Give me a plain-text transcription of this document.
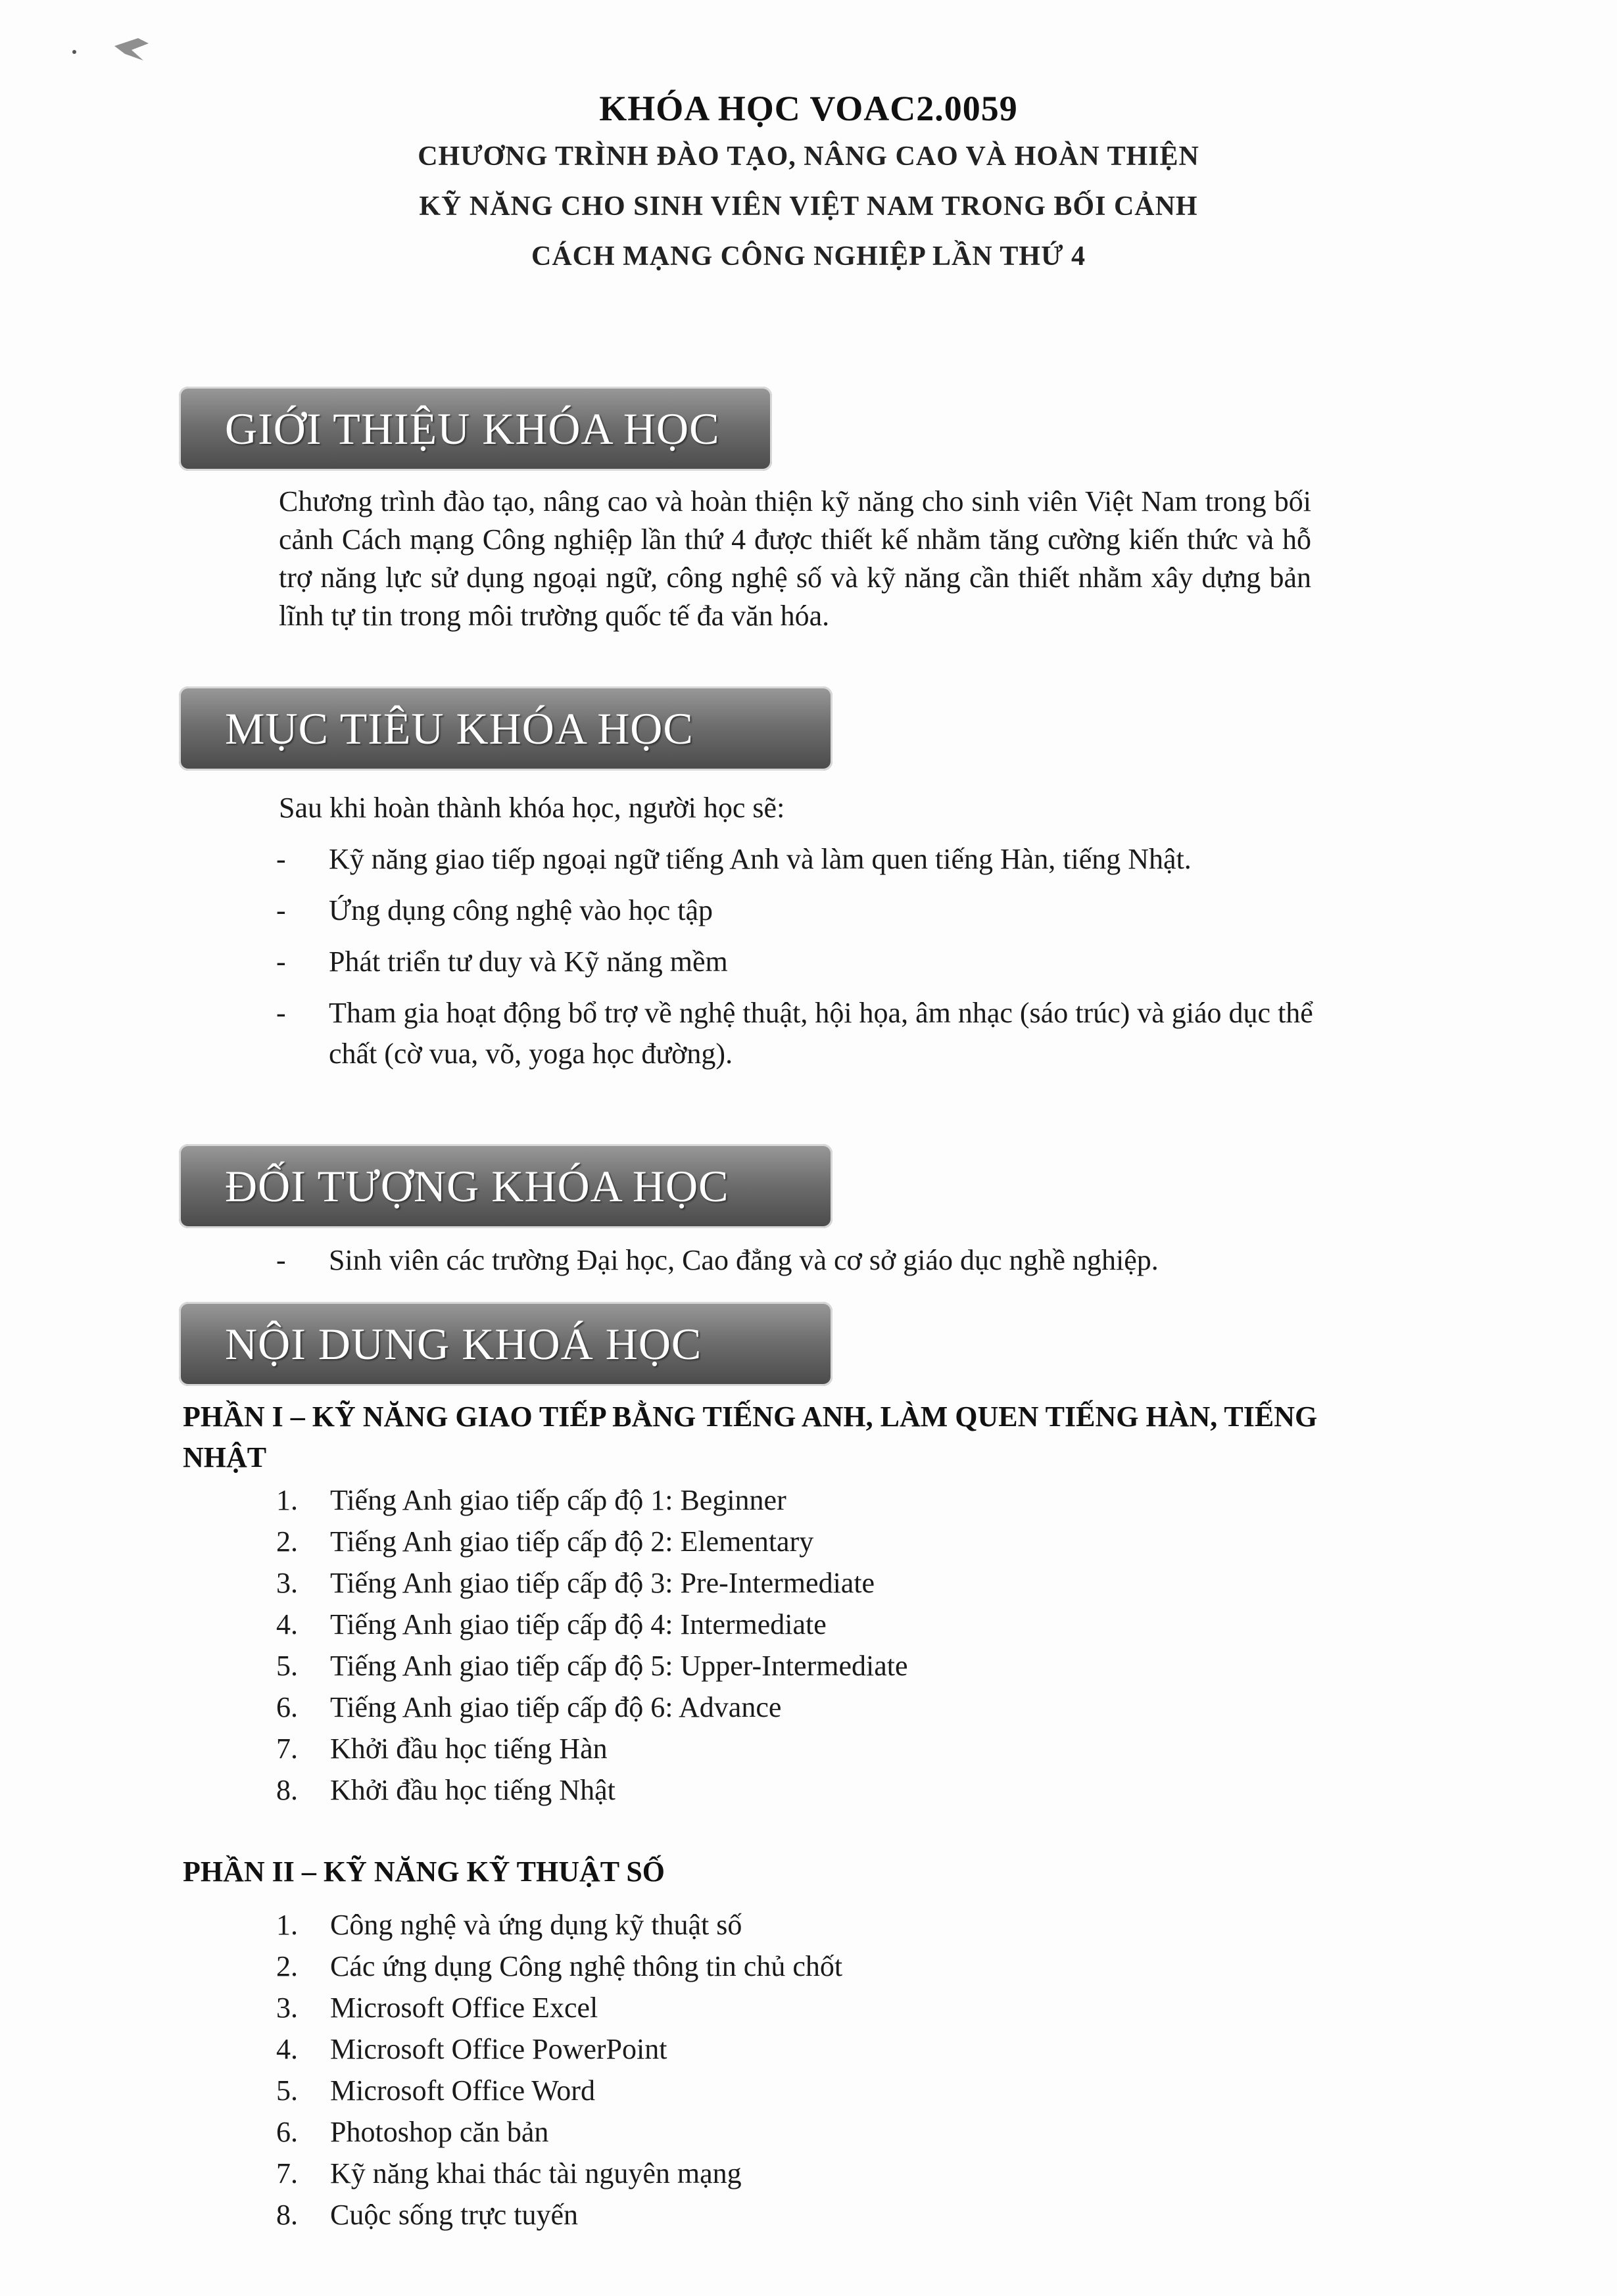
KHÓA HỌC VOAC2.0059
CHƯƠNG TRÌNH ĐÀO TẠO, NÂNG CAO VÀ HOÀN THIỆN
KỸ NĂNG CHO SINH VIÊN VIỆT NAM TRONG BỐI CẢNH
CÁCH MẠNG CÔNG NGHIỆP LẦN THỨ 4
GIỚI THIỆU KHÓA HỌC
Chương trình đào tạo, nâng cao và hoàn thiện kỹ năng cho sinh viên Việt Nam trong bối cảnh Cách mạng Công nghiệp lần thứ 4 được thiết kế nhằm tăng cường kiến thức và hỗ trợ năng lực sử dụng ngoại ngữ, công nghệ số và kỹ năng cần thiết nhằm xây dựng bản lĩnh tự tin trong môi trường quốc tế đa văn hóa.
MỤC TIÊU KHÓA HỌC
Sau khi hoàn thành khóa học, người học sẽ:
-	Kỹ năng giao tiếp ngoại ngữ tiếng Anh và làm quen tiếng Hàn, tiếng Nhật.
-	Ứng dụng công nghệ vào học tập
-	Phát triển tư duy và Kỹ năng mềm
-	Tham gia hoạt động bổ trợ về nghệ thuật, hội họa, âm nhạc (sáo trúc) và giáo dục thể chất (cờ vua, võ, yoga học đường).
ĐỐI TƯỢNG KHÓA HỌC
-	Sinh viên các trường Đại học, Cao đẳng và cơ sở giáo dục nghề nghiệp.
NỘI DUNG KHOÁ HỌC
PHẦN I – KỸ NĂNG GIAO TIẾP BẰNG TIẾNG ANH, LÀM QUEN TIẾNG HÀN, TIẾNG NHẬT
1.	Tiếng Anh giao tiếp cấp độ 1: Beginner
2.	Tiếng Anh giao tiếp cấp độ 2: Elementary
3.	Tiếng Anh giao tiếp cấp độ 3: Pre-Intermediate
4.	Tiếng Anh giao tiếp cấp độ 4: Intermediate
5.	Tiếng Anh giao tiếp cấp độ 5: Upper-Intermediate
6.	Tiếng Anh giao tiếp cấp độ 6: Advance
7.	Khởi đầu học tiếng Hàn
8.	Khởi đầu học tiếng Nhật
PHẦN II – KỸ NĂNG KỸ THUẬT SỐ
1.	Công nghệ và ứng dụng kỹ thuật số
2.	Các ứng dụng Công nghệ thông tin chủ chốt
3.	Microsoft Office Excel
4.	Microsoft Office PowerPoint
5.	Microsoft Office Word
6.	Photoshop căn bản
7.	Kỹ năng khai thác tài nguyên mạng
8.	Cuộc sống trực tuyến
